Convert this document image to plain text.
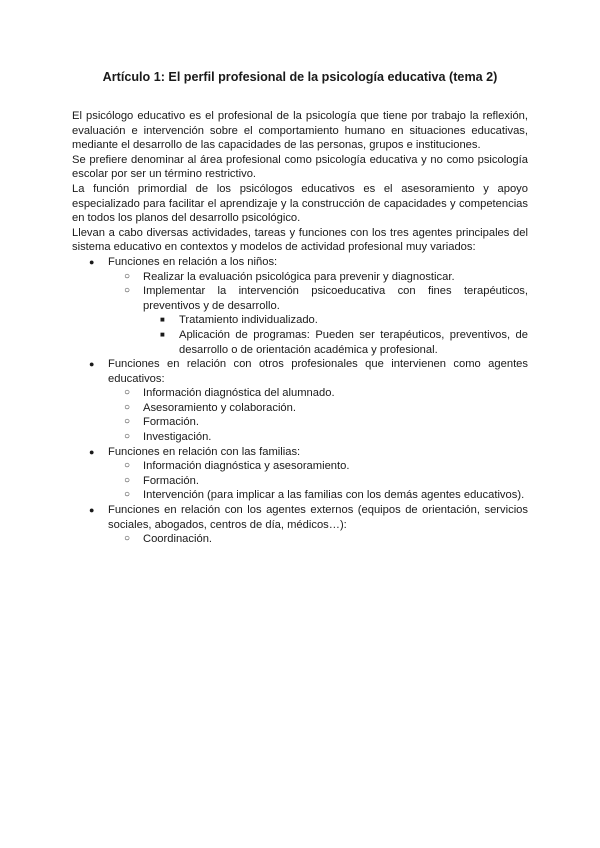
Artículo 1: El perfil profesional de la psicología educativa (tema 2)

El psicólogo educativo es el profesional de la psicología que tiene por trabajo la reflexión, evaluación e intervención sobre el comportamiento humano en situaciones educativas, mediante el desarrollo de las capacidades de las personas, grupos e instituciones.

Se prefiere denominar al área profesional como psicología educativa y no como psicología escolar por ser un término restrictivo.

La función primordial de los psicólogos educativos es el asesoramiento y apoyo especializado para facilitar el aprendizaje y la construcción de capacidades y competencias en todos los planos del desarrollo psicológico.

Llevan a cabo diversas actividades, tareas y funciones con los tres agentes principales del sistema educativo en contextos y modelos de actividad profesional muy variados:

● Funciones en relación a los niños:
○ Realizar la evaluación psicológica para prevenir y diagnosticar.
○ Implementar la intervención psicoeducativa con fines terapéuticos, preventivos y de desarrollo.
■ Tratamiento individualizado.
■ Aplicación de programas: Pueden ser terapéuticos, preventivos, de desarrollo o de orientación académica y profesional.
● Funciones en relación con otros profesionales que intervienen como agentes educativos:
○ Información diagnóstica del alumnado.
○ Asesoramiento y colaboración.
○ Formación.
○ Investigación.
● Funciones en relación con las familias:
○ Información diagnóstica y asesoramiento.
○ Formación.
○ Intervención (para implicar a las familias con los demás agentes educativos).
● Funciones en relación con los agentes externos (equipos de orientación, servicios sociales, abogados, centros de día, médicos…):
○ Coordinación.
